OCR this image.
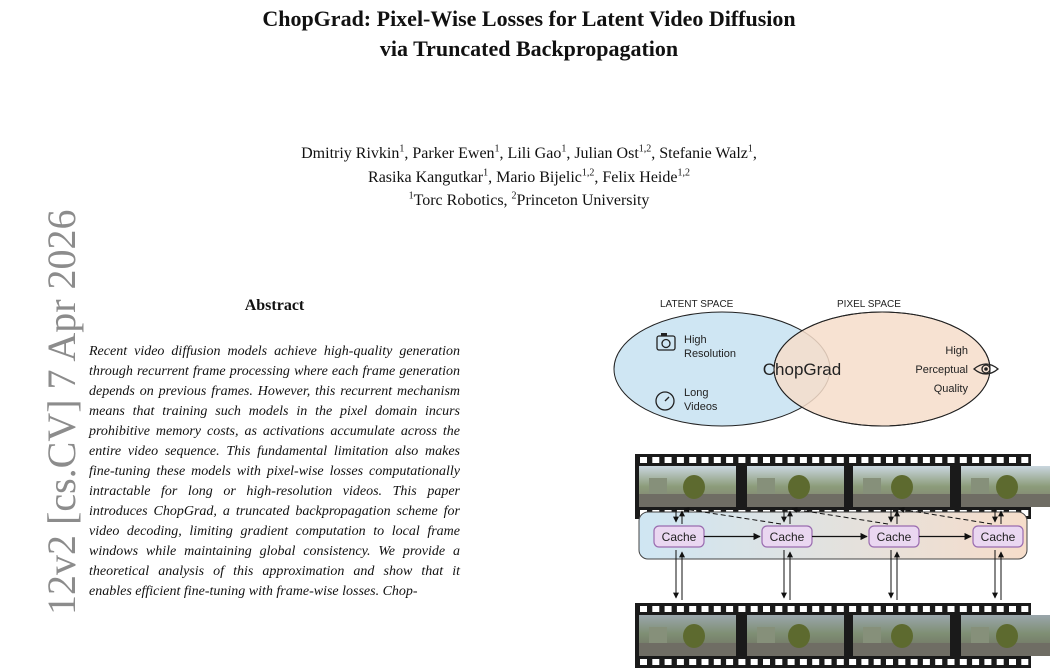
ChopGrad: Pixel-Wise Losses for Latent Video Diffusion
via Truncated Backpropagation
Dmitriy Rivkin$^1$, Parker Ewen$^1$, Lili Gao$^1$, Julian Ost$^{1,2}$, Stefanie Walz$^1$,
Rasika Kangutkar$^1$, Mario Bijelic$^{1,2}$, Felix Heide$^{1,2}$
$^1$Torc Robotics, $^2$Princeton University
12v2 [cs.CV] 7 Apr 2026	Abstract

Recent video diffusion models achieve high-quality generation through recurrent frame processing where each frame generation depends on previous frames. However, this recurrent mechanism means that training such models in the pixel domain incurs prohibitive memory costs, as activations accumulate across the entire video sequence. This fundamental limitation also makes fine-tuning these models with pixel-wise losses computationally intractable for long or high-resolution videos. This paper introduces ChopGrad, a truncated backpropagation scheme for video decoding, limiting gradient computation to local frame windows while maintaining global consistency. We provide a theoretical analysis of this approximation and show that it enables efficient fine-tuning with frame-wise losses. Chop-

LATENT SPACE	PIXEL SPACE
ChopGrad
High
Resolution
Long
Videos
High
Perceptual
Quality
Cache	Cache	Cache	Cache
